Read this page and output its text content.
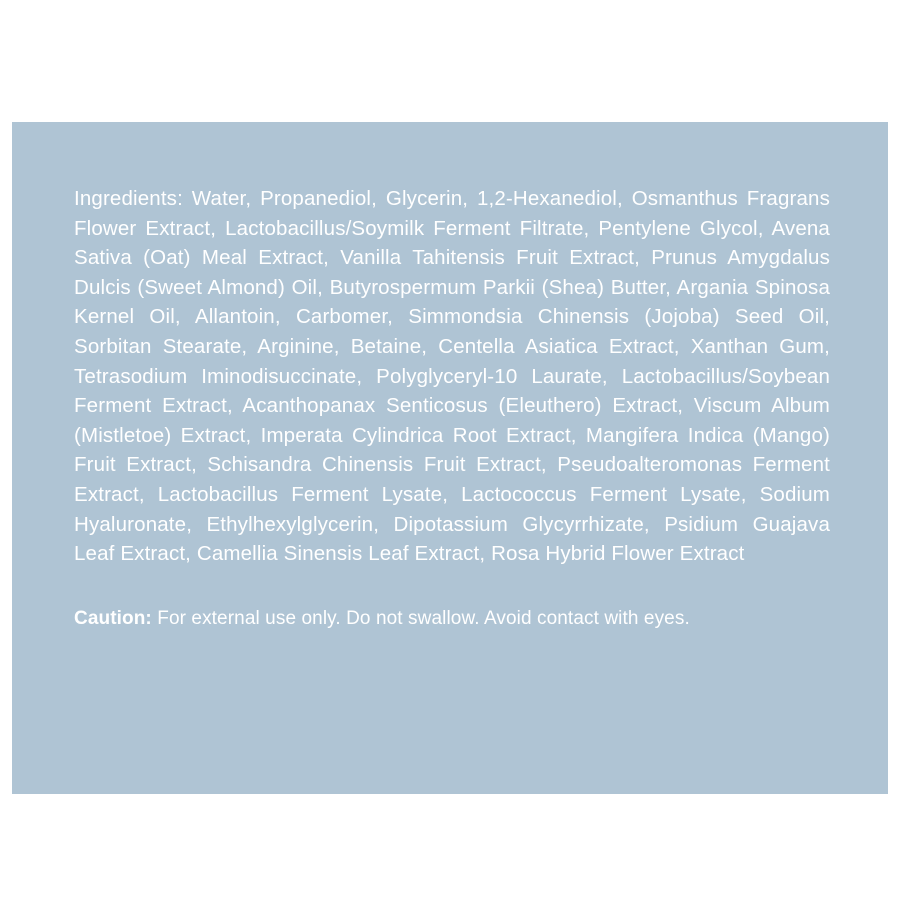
Ingredients: Water, Propanediol, Glycerin, 1,2-Hexanediol, Osmanthus Fragrans Flower Extract, Lactobacillus/Soymilk Ferment Filtrate, Pentylene Glycol, Avena Sativa (Oat) Meal Extract, Vanilla Tahitensis Fruit Extract, Prunus Amygdalus Dulcis (Sweet Almond) Oil, Butyrospermum Parkii (Shea) Butter, Argania Spinosa Kernel Oil, Allantoin, Carbomer, Simmondsia Chinensis (Jojoba) Seed Oil, Sorbitan Stearate, Arginine, Betaine, Centella Asiatica Extract, Xanthan Gum, Tetrasodium Iminodisuccinate, Polyglyceryl-10 Laurate, Lactobacillus/Soybean Ferment Extract, Acanthopanax Senticosus (Eleuthero) Extract, Viscum Album (Mistletoe) Extract, Imperata Cylindrica Root Extract, Mangifera Indica (Mango) Fruit Extract, Schisandra Chinensis Fruit Extract, Pseudoalteromonas Ferment Extract, Lactobacillus Ferment Lysate, Lactococcus Ferment Lysate, Sodium Hyaluronate, Ethylhexylglycerin, Dipotassium Glycyrrhizate, Psidium Guajava Leaf Extract, Camellia Sinensis Leaf Extract, Rosa Hybrid Flower Extract

Caution: For external use only. Do not swallow. Avoid contact with eyes.
